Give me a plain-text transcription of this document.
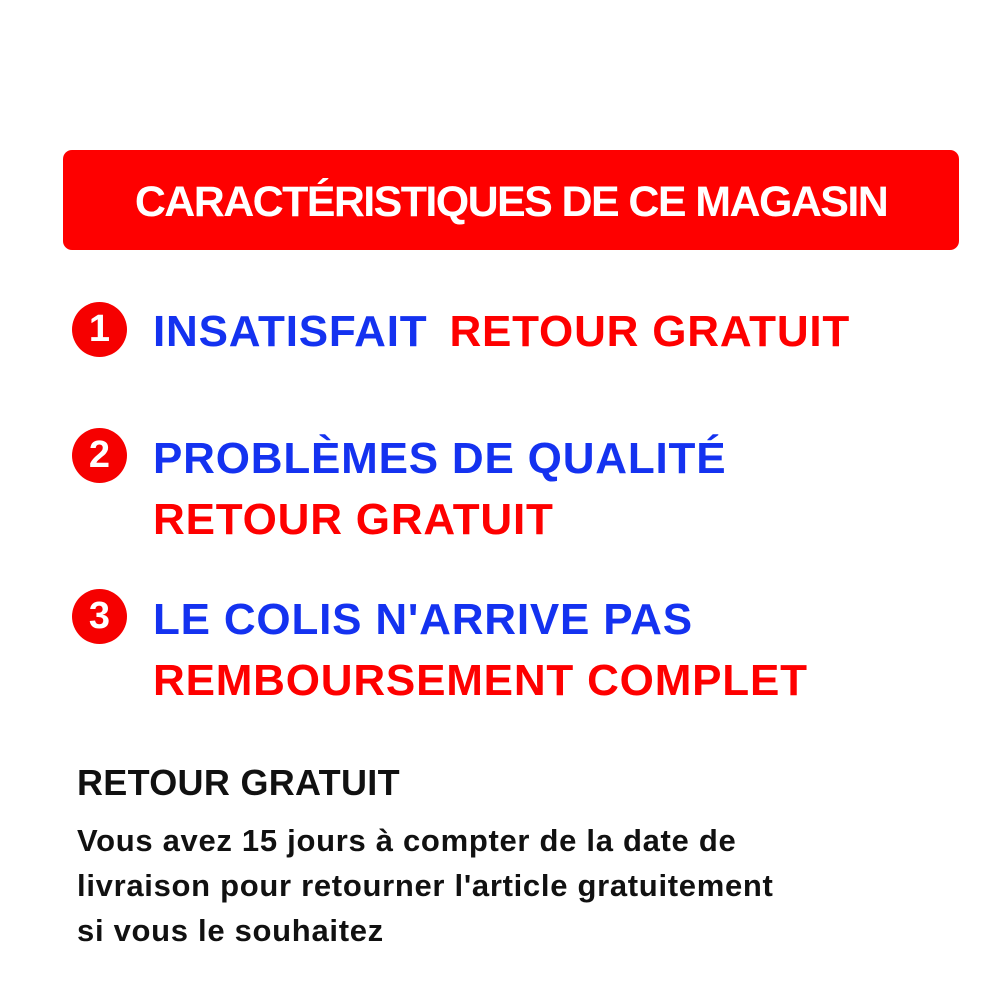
CARACTÉRISTIQUES DE CE MAGASIN
1 INSATISFAIT RETOUR GRATUIT
2 PROBLÈMES DE QUALITÉ
RETOUR GRATUIT
3 LE COLIS N'ARRIVE PAS
REMBOURSEMENT COMPLET
RETOUR GRATUIT
Vous avez 15 jours à compter de la date de
livraison pour retourner l'article gratuitement
si vous le souhaitez
